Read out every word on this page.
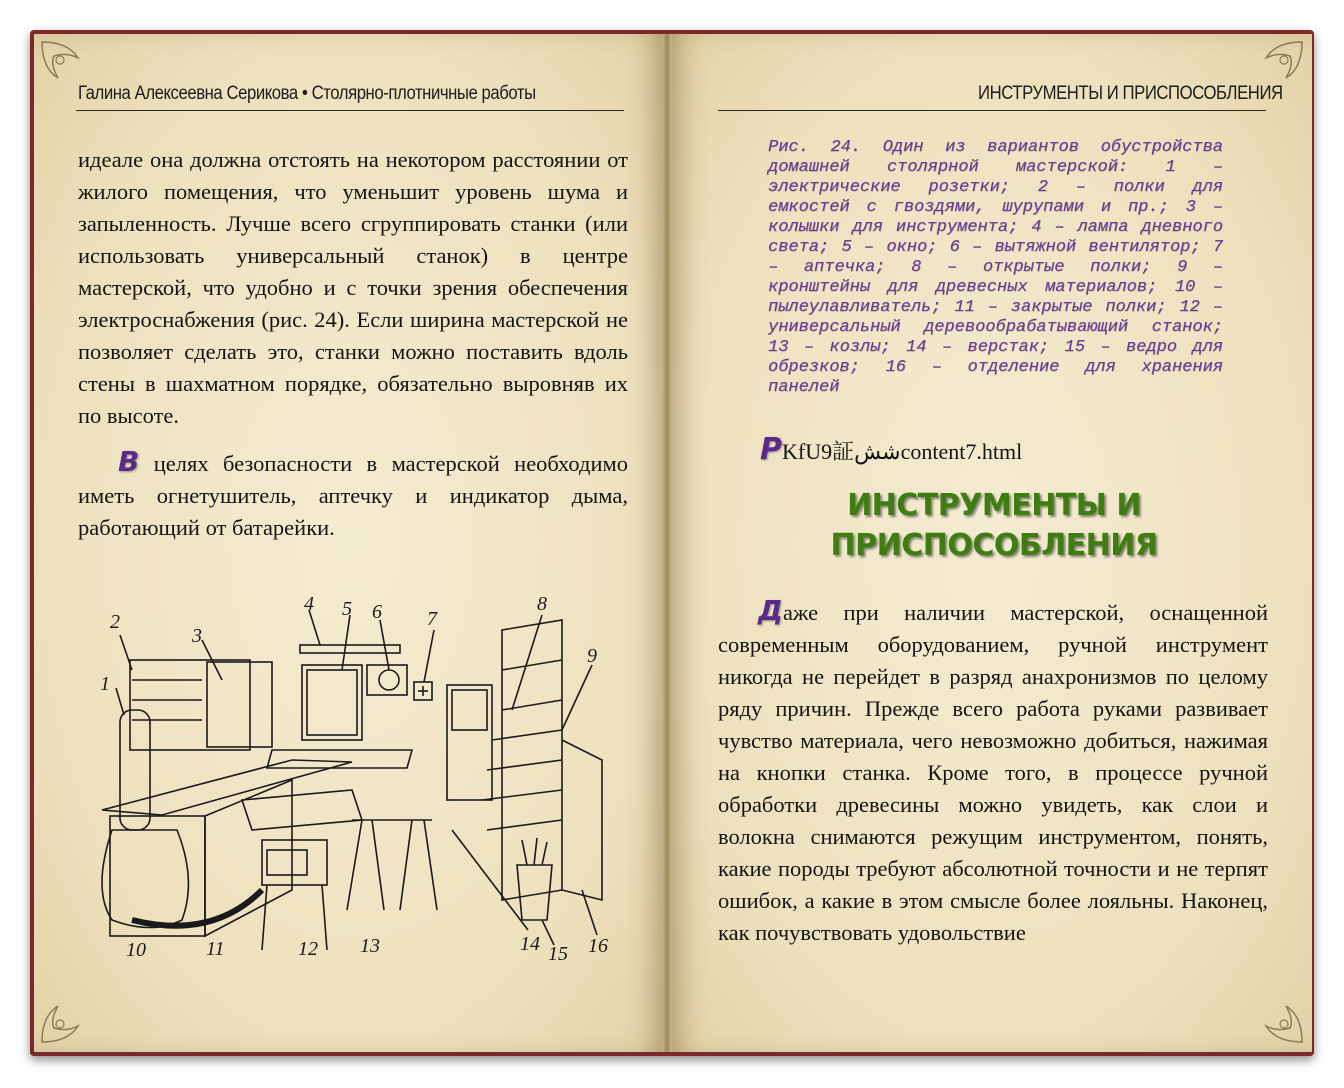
Галина Алексеевна Серикова • Столярно-плотничные работы	ИНСТРУМЕНТЫ И ПРИСПОСОБЛЕНИЯ

идеале она должна отстоять на некотором расстоянии от жилого помещения, что уменьшит уровень шума и запыленность. Лучше всего сгруппировать станки (или использовать универсальный станок) в центре мастерской, что удобно и с точки зрения обеспечения электроснабжения (рис. 24). Если ширина мастерской не позволяет сделать это, станки можно поставить вдоль стены в шахматном порядке, обязательно выровняв их по высоте.

В целях безопасности в мастерской необходимо иметь огнетушитель, аптечку и индикатор дыма, работающий от батарейки.

1
2
3
4 5 6 7
8
9
10	11	12 13	14 15 16
Рис. 24. Один из вариантов обустройства домашней столярной мастерской: 1 – электрические розетки; 2 – полки для емкостей с гвоздями, шурупами и пр.; 3 – колышки для инструмента; 4 – лампа дневного света; 5 – окно; 6 – вытяжной вентилятор; 7 – аптечка; 8 – открытые полки; 9 – кронштейны для древесных материалов; 10 – пылеулавливатель; 11 – закрытые полки; 12 – универсальный деревообрабатывающий станок; 13 – козлы; 14 – верстак; 15 – ведро для обрезков; 16 – отделение для хранения панелей
РKfU9証ششcontent7.html
ИНСТРУМЕНТЫ И
ПРИСПОСОБЛЕНИЯ

Даже при наличии мастерской, оснащенной современным оборудованием, ручной инструмент никогда не перейдет в разряд анахронизмов по целому ряду причин. Прежде всего работа руками развивает чувство материала, чего невозможно добиться, нажимая на кнопки станка. Кроме того, в процессе ручной обработки древесины можно увидеть, как слои и волокна снимаются режущим инструментом, понять, какие породы требуют абсолютной точности и не терпят ошибок, а какие в этом смысле более лояльны. Наконец, как почувствовать удовольствие
